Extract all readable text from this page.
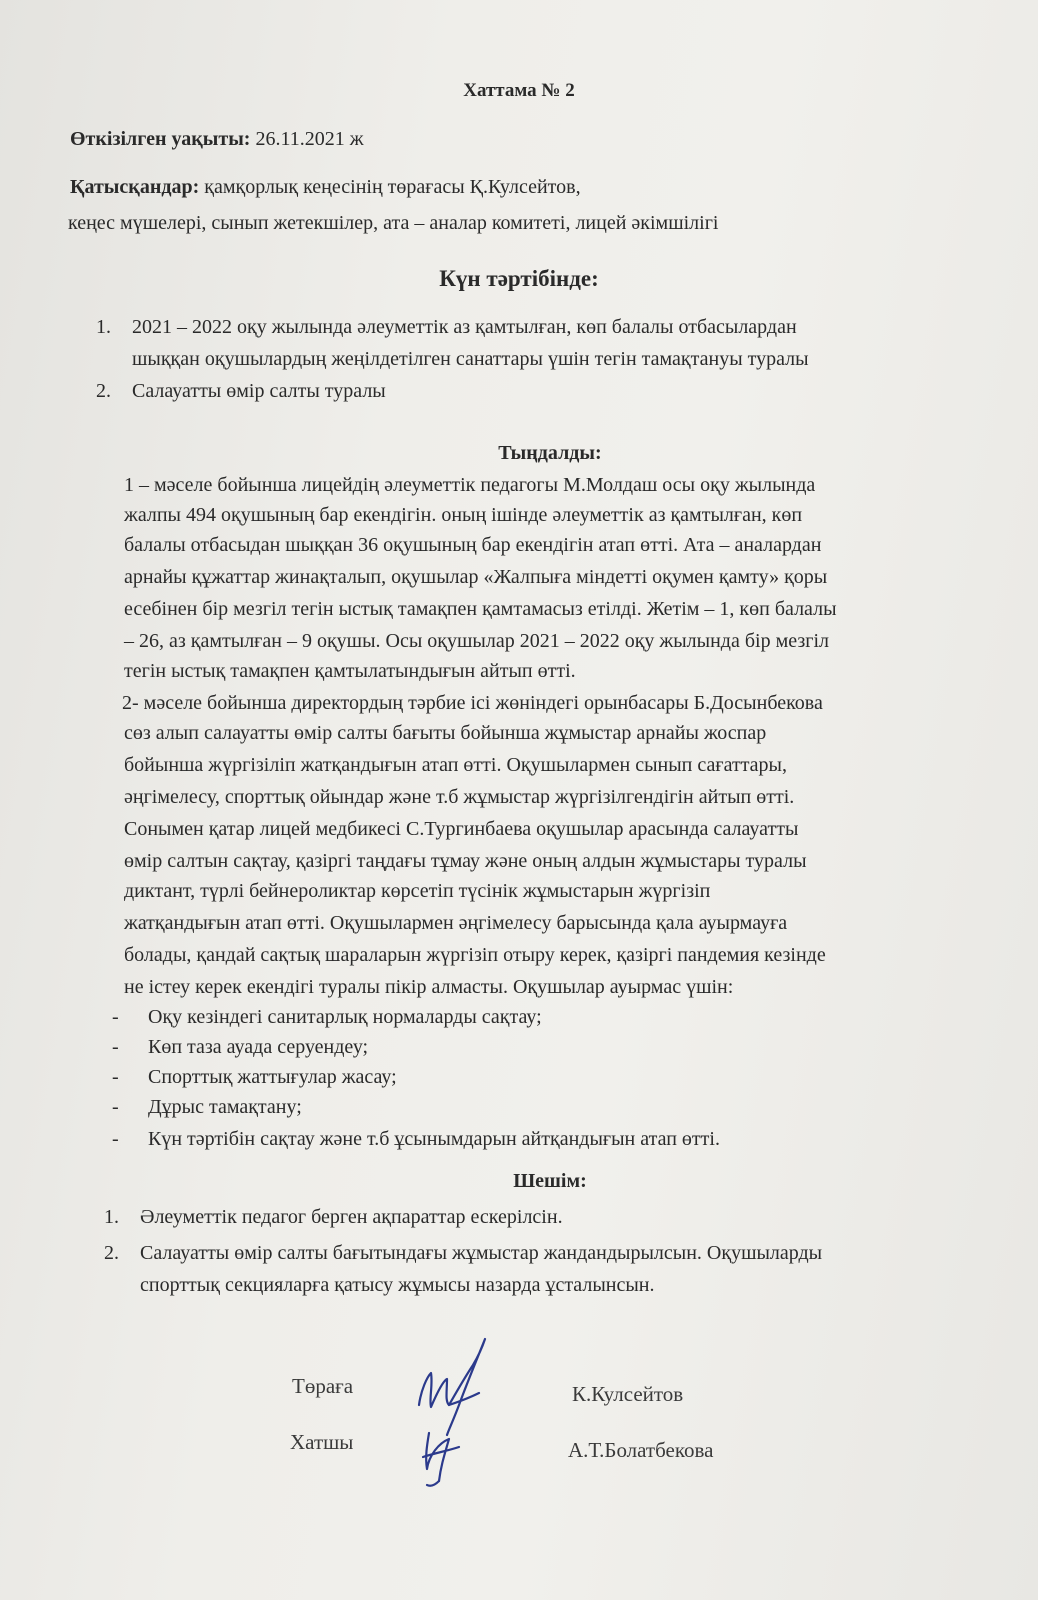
Хаттама № 2
Өткізілген уақыты: 26.11.2021 ж
Қатысқандар: қамқорлық кеңесінің төрағасы Қ.Кулсейтов,
кеңес мүшелері, сынып жетекшілер, ата – аналар комитеті, лицей әкімшілігі
Күн тәртібінде:
1. 2021 – 2022 оқу жылында әлеуметтік аз қамтылған, көп балалы отбасылардан
шыққан оқушылардың жеңілдетілген санаттары үшін тегін тамақтануы туралы
2. Салауатты өмір салты туралы
Тыңдалды:
1 – мәселе бойынша лицейдің әлеуметтік педагогы М.Молдаш осы оқу жылында
жалпы 494 оқушының бар екендігін. оның ішінде әлеуметтік аз қамтылған, көп
балалы отбасыдан шыққан 36 оқушының бар екендігін атап өтті. Ата – аналардан
арнайы құжаттар жинақталып, оқушылар «Жалпыға міндетті оқумен қамту» қоры
есебінен бір мезгіл тегін ыстық тамақпен қамтамасыз етілді. Жетім – 1, көп балалы
– 26, аз қамтылған – 9 оқушы. Осы оқушылар 2021 – 2022 оқу жылында бір мезгіл
тегін ыстық тамақпен қамтылатындығын айтып өтті.
2- мәселе бойынша директордың тәрбие ісі жөніндегі орынбасары Б.Досынбекова
сөз алып салауатты өмір салты бағыты бойынша жұмыстар арнайы жоспар
бойынша жүргізіліп жатқандығын атап өтті. Оқушылармен сынып сағаттары,
әңгімелесу, спорттық ойындар және т.б жұмыстар жүргізілгендігін айтып өтті.
Сонымен қатар лицей медбикесі С.Тургинбаева оқушылар арасында салауатты
өмір салтын сақтау, қазіргі таңдағы тұмау және оның алдын жұмыстары туралы
диктант, түрлі бейнероликтар көрсетіп түсінік жұмыстарын жүргізіп
жатқандығын атап өтті. Оқушылармен әңгімелесу барысында қала ауырмауға
болады, қандай сақтық шараларын жүргізіп отыру керек, қазіргі пандемия кезінде
не істеу керек екендігі туралы пікір алмасты. Оқушылар ауырмас үшін:
- Оқу кезіндегі санитарлық нормаларды сақтау;
- Көп таза ауада серуендеу;
- Спорттық жаттығулар жасау;
- Дұрыс тамақтану;
- Күн тәртібін сақтау және т.б ұсынымдарын айтқандығын атап өтті.
Шешім:
1. Әлеуметтік педагог берген ақпараттар ескерілсін.
2. Салауатты өмір салты бағытындағы жұмыстар жандандырылсын. Оқушыларды
спорттық секцияларға қатысу жұмысы назарда ұсталынсын.
Төраға	К.Кулсейтов
Хатшы	А.Т.Болатбекова
